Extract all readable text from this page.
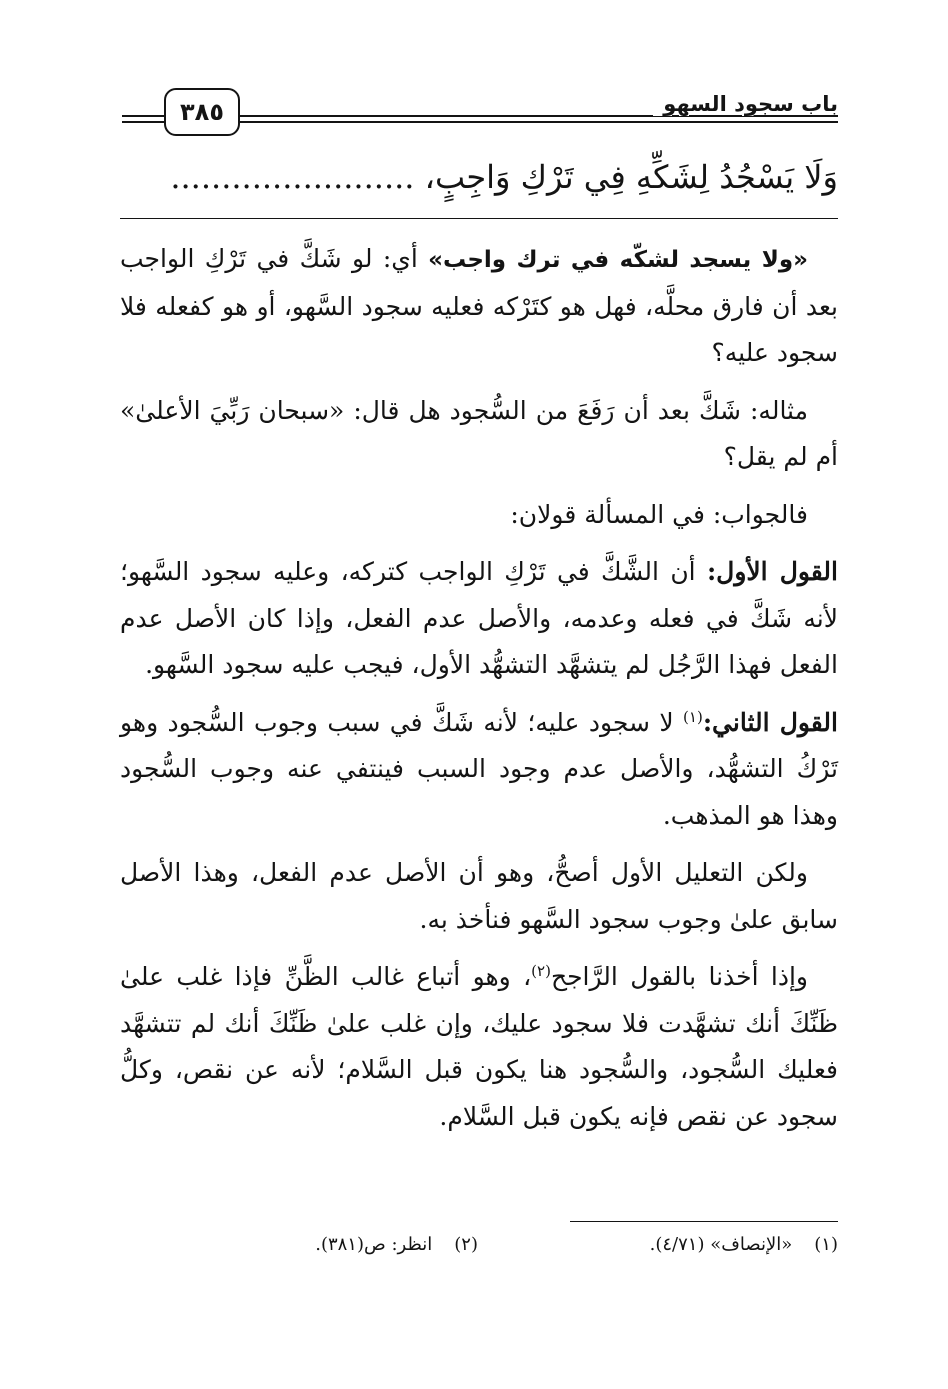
باب سجود السهو
٣٨٥
وَلَا يَسْجُدُ لِشَكِّهِ فِي تَرْكِ وَاجِبٍ، ........................

«ولا يسجد لشكّه في ترك واجب» أي: لو شَكَّ في تَرْكِ الواجب بعد أن فارق محلَّه، فهل هو كتَرْكه فعليه سجود السَّهو، أو هو كفعله فلا سجود عليه؟

مثاله: شَكَّ بعد أن رَفَعَ من السُّجود هل قال: «سبحان رَبِّيَ الأعلىٰ» أم لم يقل؟

فالجواب: في المسألة قولان:

القول الأول: أن الشَّكَّ في تَرْكِ الواجب كتركه، وعليه سجود السَّهو؛ لأنه شَكَّ في فعله وعدمه، والأصل عدم الفعل، وإذا كان الأصل عدم الفعل فهذا الرَّجُل لم يتشهَّد التشهُّد الأول، فيجب عليه سجود السَّهو.

القول الثاني:$^{(١)}$ لا سجود عليه؛ لأنه شَكَّ في سبب وجوب السُّجود وهو تَرْكُ التشهُّد، والأصل عدم وجود السبب فينتفي عنه وجوب السُّجود وهذا هو المذهب.

ولكن التعليل الأول أصحُّ، وهو أن الأصل عدم الفعل، وهذا الأصل سابق علىٰ وجوب سجود السَّهو فنأخذ به.

وإذا أخذنا بالقول الرَّاجح$^{(٢)}$، وهو أتباع غالب الظَّنِّ فإذا غلب علىٰ ظَنِّكَ أنك تشهَّدت فلا سجود عليك، وإن غلب علىٰ ظَنِّكَ أنك لم تتشهَّد فعليك السُّجود، والسُّجود هنا يكون قبل السَّلام؛ لأنه عن نقص، وكلُّ سجود عن نقص فإنه يكون قبل السَّلام.

(١)«الإنصاف» (٤/٧١).
(٢)انظر: ص(٣٨١).
